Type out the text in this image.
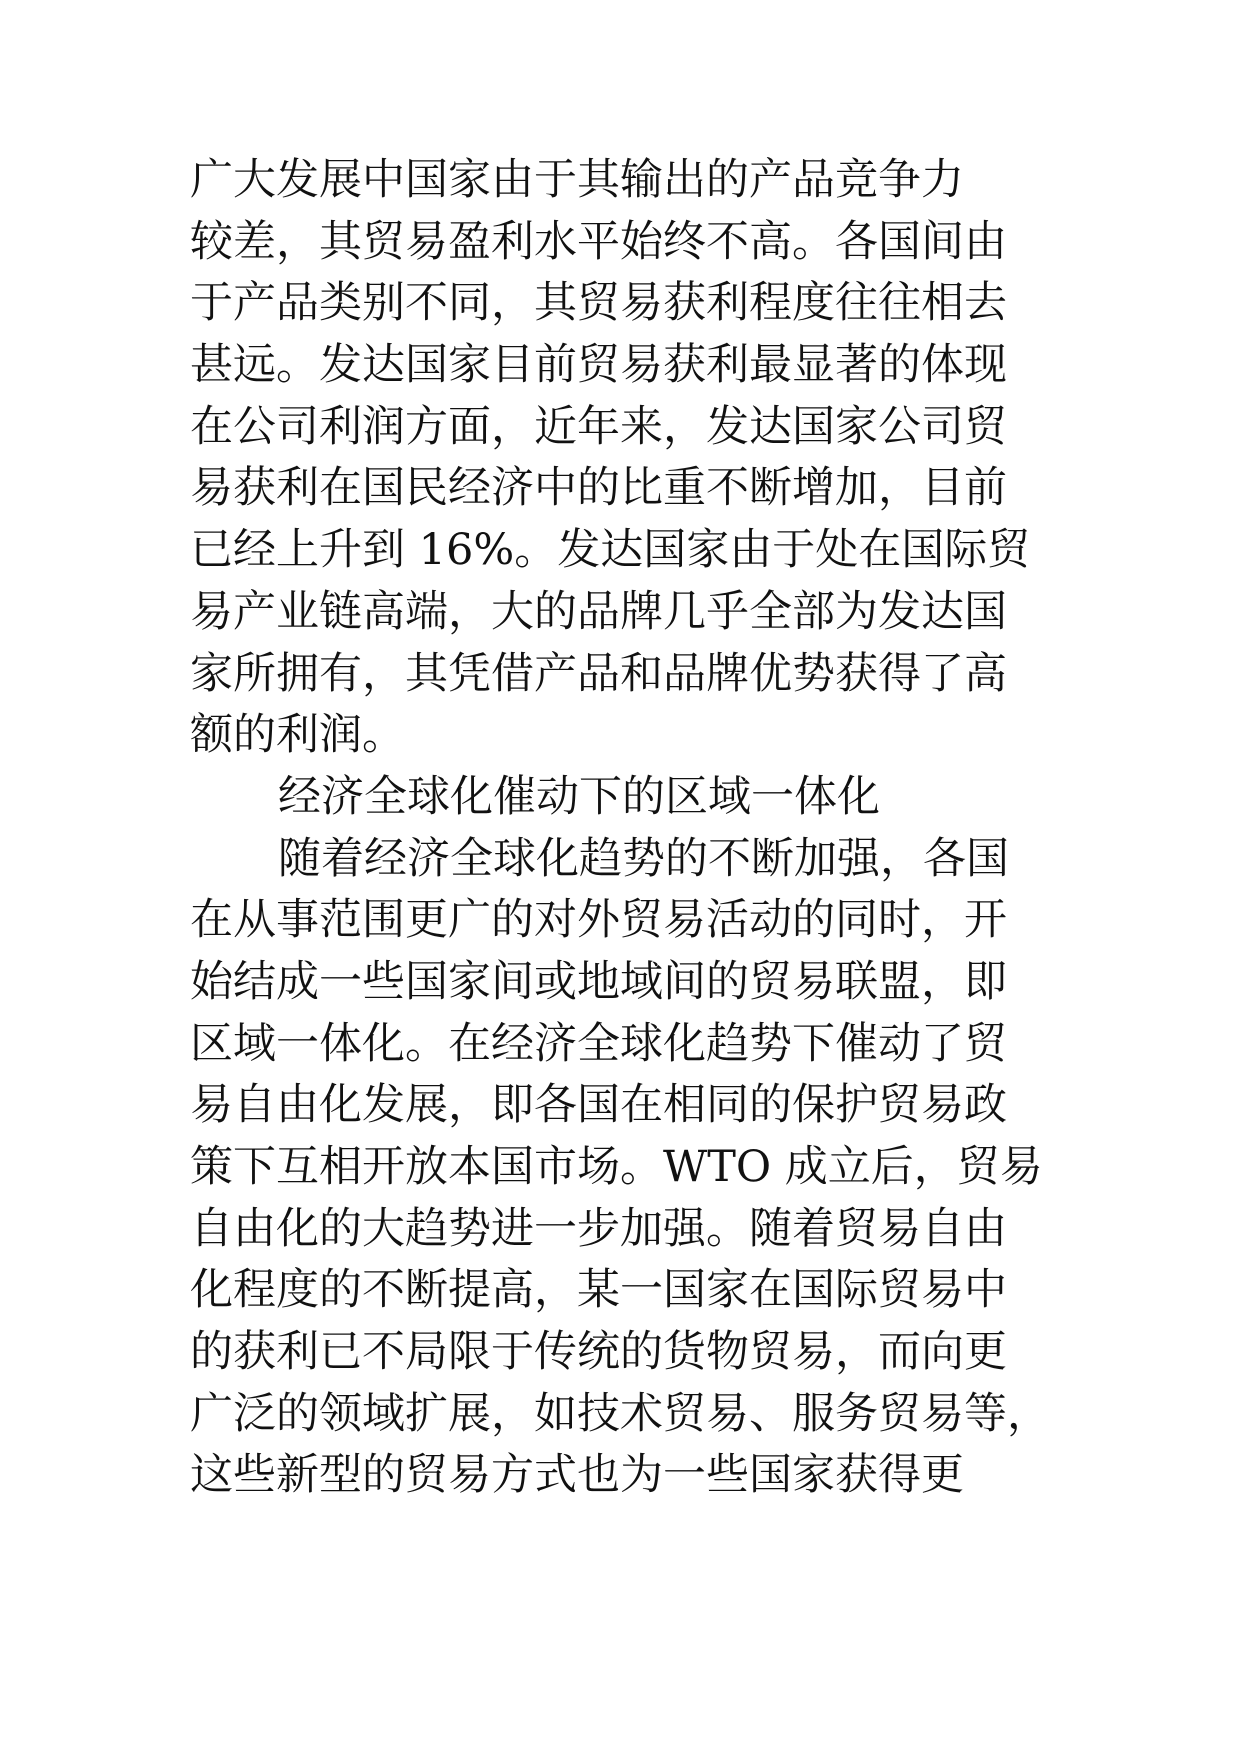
广大发展中国家由于其输出的产品竞争力
较差，其贸易盈利水平始终不高。各国间由
于产品类别不同，其贸易获利程度往往相去
甚远。发达国家目前贸易获利最显著的体现
在公司利润方面，近年来，发达国家公司贸
易获利在国民经济中的比重不断增加，目前
已经上升到 16%。发达国家由于处在国际贸
易产业链高端，大的品牌几乎全部为发达国
家所拥有，其凭借产品和品牌优势获得了高
额的利润。
经济全球化催动下的区域一体化
随着经济全球化趋势的不断加强，各国
在从事范围更广的对外贸易活动的同时，开
始结成一些国家间或地域间的贸易联盟，即
区域一体化。在经济全球化趋势下催动了贸
易自由化发展，即各国在相同的保护贸易政
策下互相开放本国市场。WTO 成立后，贸易
自由化的大趋势进一步加强。随着贸易自由
化程度的不断提高，某一国家在国际贸易中
的获利已不局限于传统的货物贸易，而向更
广泛的领域扩展，如技术贸易、服务贸易等，
这些新型的贸易方式也为一些国家获得更
